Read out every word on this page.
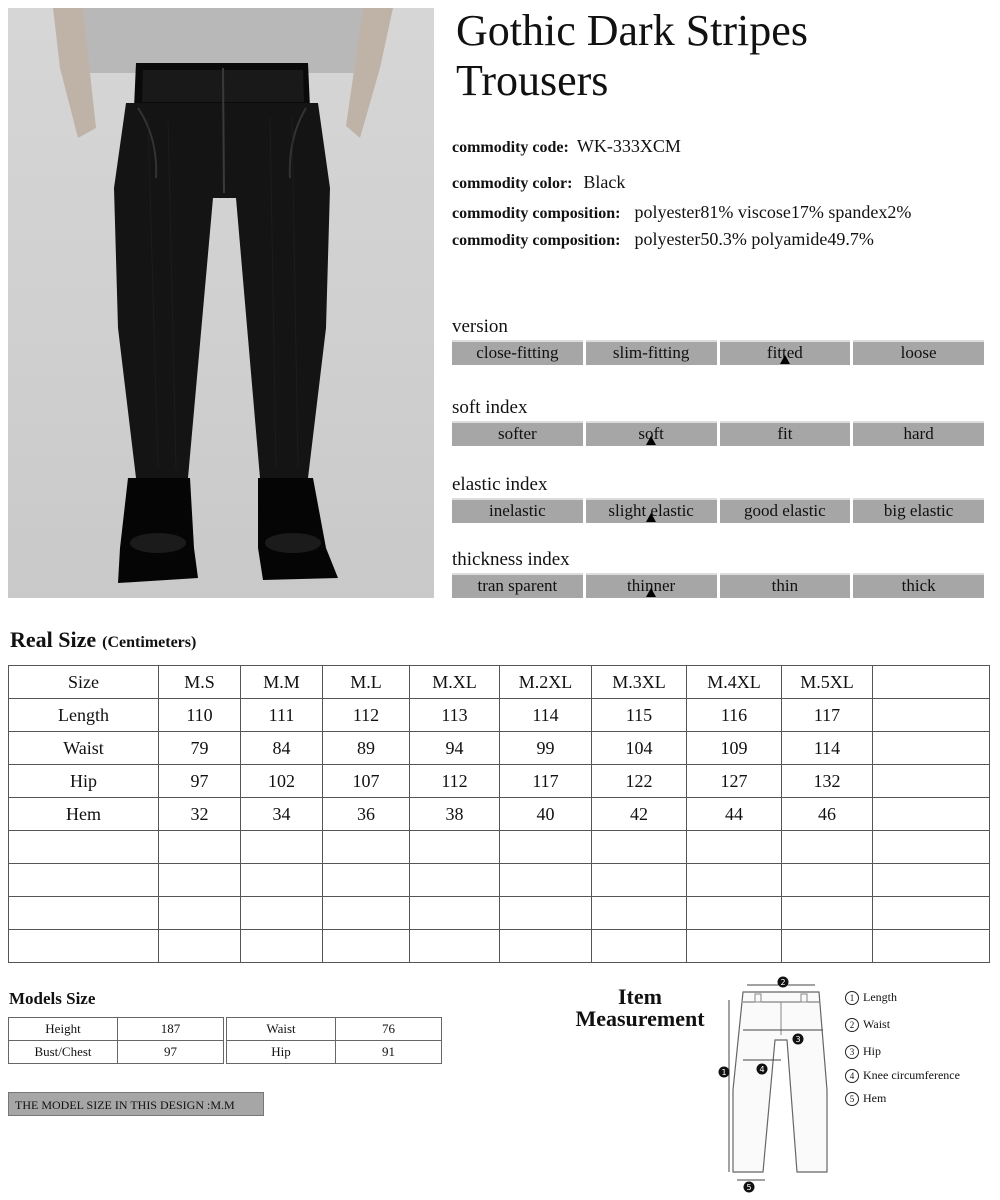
Gothic Dark Stripes
Trousers
commodity code: WK-333XCM
commodity color: Black
commodity composition: polyester81% viscose17% spandex2%
commodity composition: polyester50.3% polyamide49.7%
version
close-fitting	slim-fitting	fitted	loose
soft index
softer	soft	fit	hard
elastic index
inelastic	slight elastic	good elastic	big elastic
thickness index
tran sparent	thinner	thin	thick
Real Size (Centimeters)
Size	M.S	M.M	M.L	M.XL	M.2XL	M.3XL	M.4XL	M.5XL	
Length	110	111	112	113	114	115	116	117	
Waist	79	84	89	94	99	104	109	114	
Hip	97	102	107	112	117	122	127	132	
Hem	32	34	36	38	40	42	44	46	

Models Size
Height	187
Bust/Chest	97
Waist	76
Hip	91
THE MODEL SIZE IN THIS DESIGN :M.M
Item
Measurement
2
3
4
1
5
1 Length
2 Waist
3 Hip
4 Knee circumference
5 Hem
